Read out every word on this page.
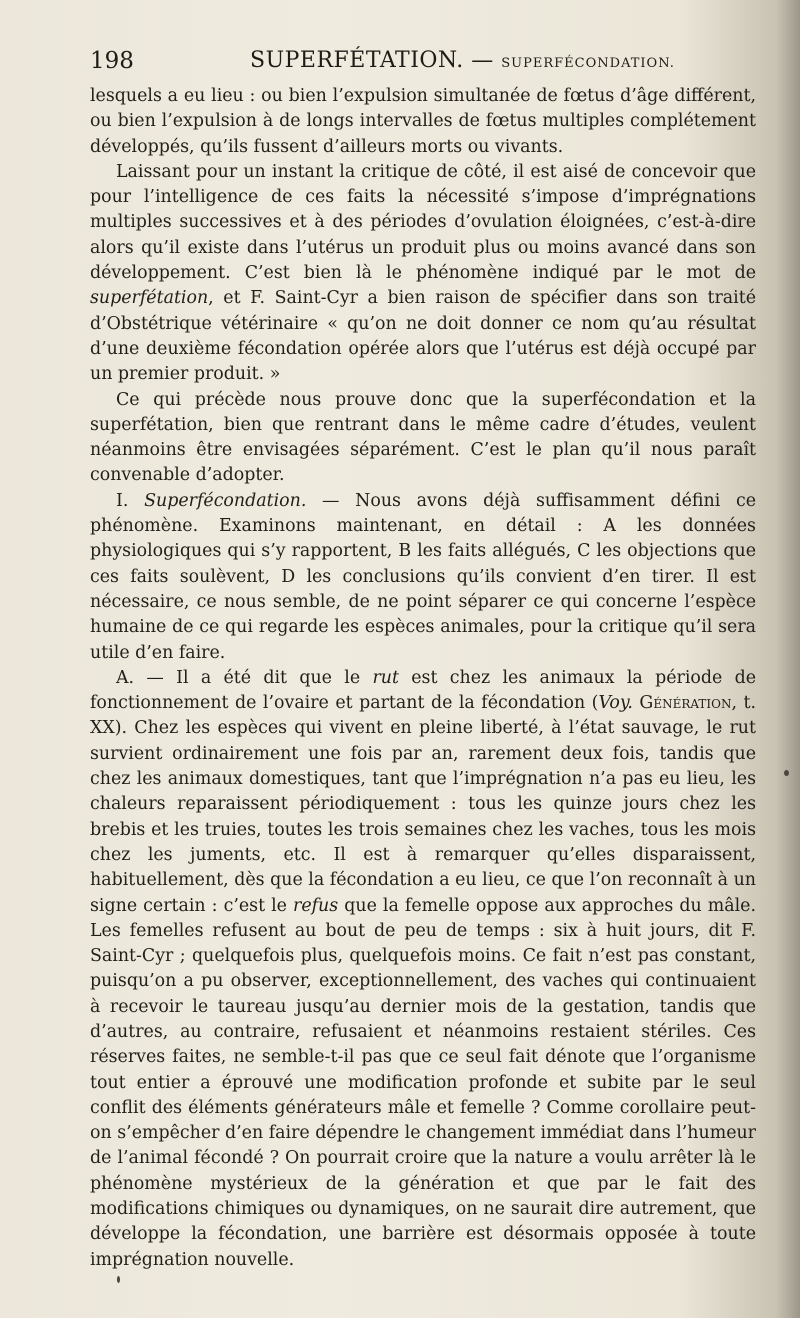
198	SUPERFÉTATION. — SUPERFÉCONDATION.

lesquels a eu lieu : ou bien l’expulsion simultanée de fœtus d’âge différent, ou bien l’expulsion à de longs intervalles de fœtus multiples complétement développés, qu’ils fussent d’ailleurs morts ou vivants.

Laissant pour un instant la critique de côté, il est aisé de concevoir que pour l’intelligence de ces faits la nécessité s’impose d’imprégnations multiples successives et à des périodes d’ovulation éloignées, c’est-à-dire alors qu’il existe dans l’utérus un produit plus ou moins avancé dans son développement. C’est bien là le phénomène indiqué par le mot de superfétation, et F. Saint-Cyr a bien raison de spécifier dans son traité d’Obstétrique vétérinaire « qu’on ne doit donner ce nom qu’au résultat d’une deuxième fécondation opérée alors que l’utérus est déjà occupé par un premier produit. »

Ce qui précède nous prouve donc que la superfécondation et la superfétation, bien que rentrant dans le même cadre d’études, veulent néanmoins être envisagées séparément. C’est le plan qu’il nous paraît convenable d’adopter.

I. Superfécondation. — Nous avons déjà suffisamment défini ce phénomène. Examinons maintenant, en détail : A les données physiologiques qui s’y rapportent, B les faits allégués, C les objections que ces faits soulèvent, D les conclusions qu’ils convient d’en tirer. Il est nécessaire, ce nous semble, de ne point séparer ce qui concerne l’espèce humaine de ce qui regarde les espèces animales, pour la critique qu’il sera utile d’en faire.

A. — Il a été dit que le rut est chez les animaux la période de fonctionnement de l’ovaire et partant de la fécondation (Voy. Génération, t. XX). Chez les espèces qui vivent en pleine liberté, à l’état sauvage, le rut survient ordinairement une fois par an, rarement deux fois, tandis que chez les animaux domestiques, tant que l’imprégnation n’a pas eu lieu, les chaleurs reparaissent périodiquement : tous les quinze jours chez les brebis et les truies, toutes les trois semaines chez les vaches, tous les mois chez les juments, etc. Il est à remarquer qu’elles disparaissent, habituellement, dès que la fécondation a eu lieu, ce que l’on reconnaît à un signe certain : c’est le refus que la femelle oppose aux approches du mâle. Les femelles refusent au bout de peu de temps : six à huit jours, dit F. Saint-Cyr ; quelquefois plus, quelquefois moins. Ce fait n’est pas constant, puisqu’on a pu observer, exceptionnellement, des vaches qui continuaient à recevoir le taureau jusqu’au dernier mois de la gestation, tandis que d’autres, au contraire, refusaient et néanmoins restaient stériles. Ces réserves faites, ne semble-t-il pas que ce seul fait dénote que l’organisme tout entier a éprouvé une modification profonde et subite par le seul conflit des éléments générateurs mâle et femelle ? Comme corollaire peut-on s’empêcher d’en faire dépendre le changement immédiat dans l’humeur de l’animal fécondé ? On pourrait croire que la nature a voulu arrêter là le phénomène mystérieux de la génération et que par le fait des modifications chimiques ou dynamiques, on ne saurait dire autrement, que développe la fécondation, une barrière est désormais opposée à toute imprégnation nouvelle.
